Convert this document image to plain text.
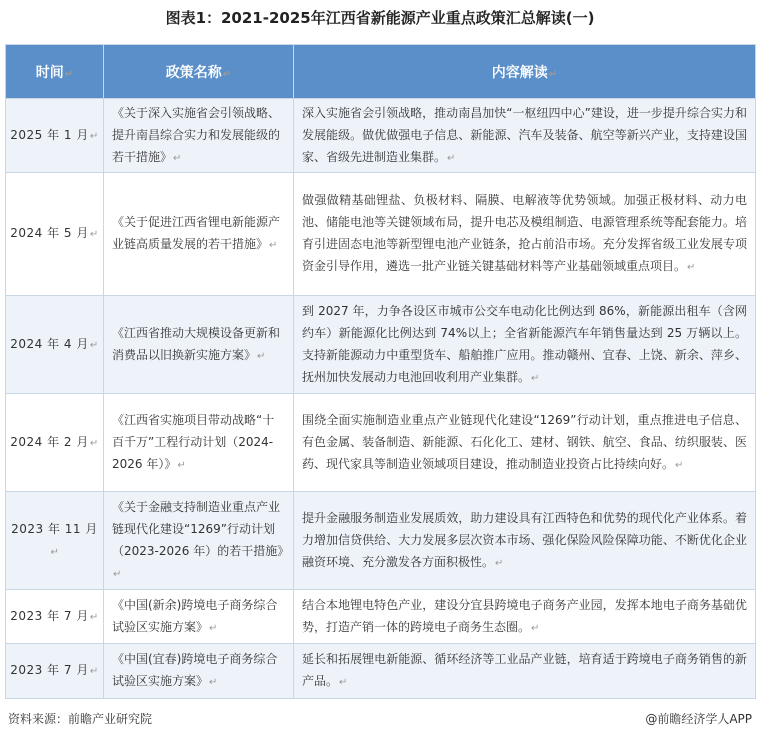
图表1：2021-2025年江西省新能源产业重点政策汇总解读(一)
时间↵	政策名称↵	内容解读↵
2025 年 1 月↵	《关于深入实施省会引领战略、提升南昌综合实力和发展能级的若干措施》↵	深入实施省会引领战略，推动南昌加快“一枢纽四中心”建设，进一步提升综合实力和发展能级。做优做强电子信息、新能源、汽车及装备、航空等新兴产业，支持建设国家、省级先进制造业集群。↵
2024 年 5 月↵	《关于促进江西省锂电新能源产业链高质量发展的若干措施》↵	做强做精基础锂盐、负极材料、隔膜、电解液等优势领域。加强正极材料、动力电池、储能电池等关键领域布局，提升电芯及模组制造、电源管理系统等配套能力。培育引进固态电池等新型锂电池产业链条，抢占前沿市场。充分发挥省级工业发展专项资金引导作用，遴选一批产业链关键基础材料等产业基础领域重点项目。↵
2024 年 4 月↵	《江西省推动大规模设备更新和消费品以旧换新实施方案》↵	到 2027 年，力争各设区市城市公交车电动化比例达到 86%，新能源出租车（含网约车）新能源化比例达到 74%以上；全省新能源汽车年销售量达到 25 万辆以上。支持新能源动力中重型货车、船舶推广应用。推动赣州、宜春、上饶、新余、萍乡、抚州加快发展动力电池回收利用产业集群。↵
2024 年 2 月↵	《江西省实施项目带动战略“十百千万”工程行动计划（2024-2026 年）》↵	围绕全面实施制造业重点产业链现代化建设“1269”行动计划，重点推进电子信息、有色金属、装备制造、新能源、石化化工、建材、钢铁、航空、食品、纺织服装、医药、现代家具等制造业领域项目建设，推动制造业投资占比持续向好。↵
2023 年 11 月↵	《关于金融支持制造业重点产业链现代化建设“1269”行动计划（2023-2026 年）的若干措施》↵	提升金融服务制造业发展质效，助力建设具有江西特色和优势的现代化产业体系。着力增加信贷供给、大力发展多层次资本市场、强化保险风险保障功能、不断优化企业融资环境、充分激发各方面积极性。↵
2023 年 7 月↵	《中国(新余)跨境电子商务综合试验区实施方案》↵	结合本地锂电特色产业，建设分宜县跨境电子商务产业园，发挥本地电子商务基础优势，打造产销一体的跨境电子商务生态圈。↵
2023 年 7 月↵	《中国(宜春)跨境电子商务综合试验区实施方案》↵	延长和拓展锂电新能源、循环经济等工业品产业链，培育适于跨境电子商务销售的新产品。↵
资料来源：前瞻产业研究院	@前瞻经济学人APP
